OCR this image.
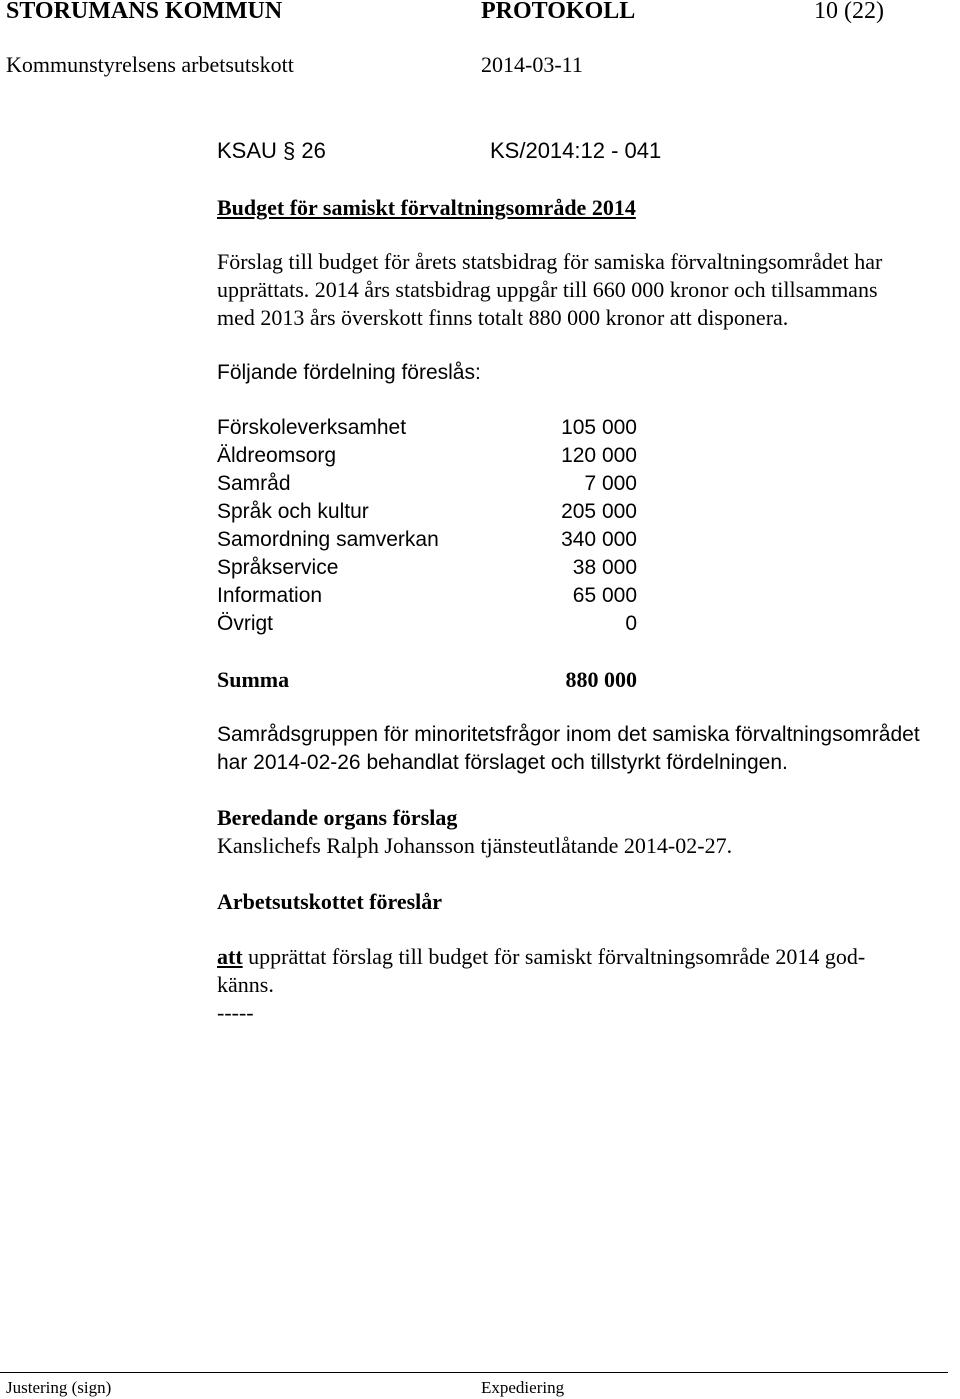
STORUMANS KOMMUN	PROTOKOLL	10 (22)
Kommunstyrelsens arbetsutskott	2014-03-11
KSAU § 26	KS/2014:12 - 041
Budget för samiskt förvaltningsområde 2014
Förslag till budget för årets statsbidrag för samiska förvaltningsområdet har
upprättats. 2014 års statsbidrag uppgår till 660 000 kronor och tillsammans
med 2013 års överskott finns totalt 880 000 kronor att disponera.
Följande fördelning föreslås:
Förskoleverksamhet	105 000
Äldreomsorg	120 000
Samråd	7 000
Språk och kultur	205 000
Samordning samverkan	340 000
Språkservice	38 000
Information	65 000
Övrigt	0
Summa	880 000
Samrådsgruppen för minoritetsfrågor inom det samiska förvaltningsområdet
har 2014-02-26 behandlat förslaget och tillstyrkt fördelningen.
Beredande organs förslag
Kanslichefs Ralph Johansson tjänsteutlåtande 2014-02-27.
Arbetsutskottet föreslår
att upprättat förslag till budget för samiskt förvaltningsområde 2014 god-
känns.
-----
Justering (sign)	Expediering
